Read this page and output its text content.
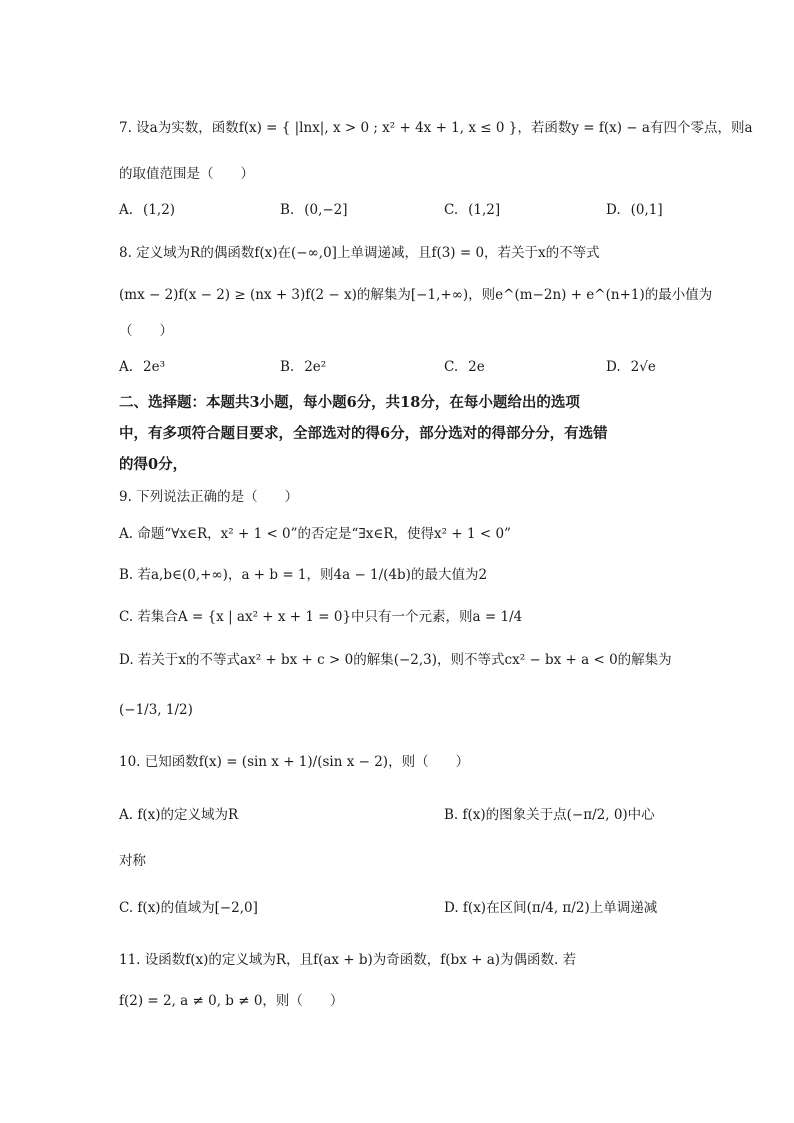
7. 设a为实数，函数f(x) = { |lnx|, x > 0 ; x² + 4x + 1, x ≤ 0 }，若函数y = f(x) − a有四个零点，则a
的取值范围是（　　）
A. (1,2)	B. (0,−2]	C. (1,2]	D. (0,1]
8. 定义域为R的偶函数f(x)在(−∞,0]上单调递减，且f(3) = 0，若关于x的不等式
(mx − 2)f(x − 2) ≥ (nx + 3)f(2 − x)的解集为[−1,+∞)，则e^(m−2n) + e^(n+1)的最小值为
（　　）
A. 2e³	B. 2e²	C. 2e	D. 2√e
二、选择题：本题共3小题，每小题6分，共18分，在每小题给出的选项
中，有多项符合题目要求，全部选对的得6分，部分选对的得部分分，有选错
的得0分，
9. 下列说法正确的是（　　）
A. 命题“∀x∈R，x² + 1 < 0”的否定是“∃x∈R，使得x² + 1 < 0”
B. 若a,b∈(0,+∞)，a + b = 1，则4a − 1/(4b)的最大值为2
C. 若集合A = {x | ax² + x + 1 = 0}中只有一个元素，则a = 1/4
D. 若关于x的不等式ax² + bx + c > 0的解集(−2,3)，则不等式cx² − bx + a < 0的解集为
(−1/3, 1/2)
10. 已知函数f(x) = (sin x + 1)/(sin x − 2)，则（　　）
A. f(x)的定义域为R	B. f(x)的图象关于点(−π/2, 0)中心
对称
C. f(x)的值域为[−2,0]	D. f(x)在区间(π/4, π/2)上单调递减
11. 设函数f(x)的定义域为R，且f(ax + b)为奇函数，f(bx + a)为偶函数. 若
f(2) = 2, a ≠ 0, b ≠ 0，则（　　）
